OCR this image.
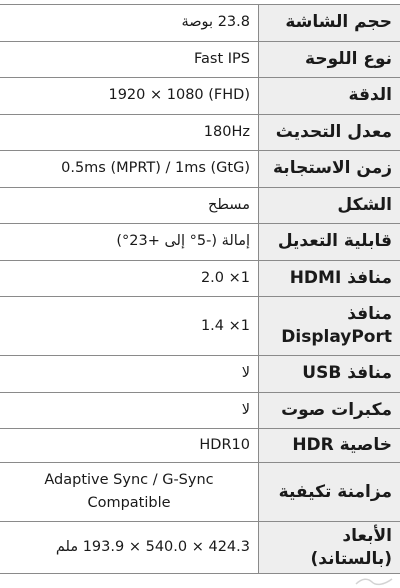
حجم الشاشة
23.8 بوصة
نوع اللوحة
Fast IPS
الدقة
1920 × 1080 (FHD)
معدل التحديث
180Hz
زمن الاستجابة
0.5ms (MPRT) / 1ms (GtG)
الشكل
مسطح
قابلية التعديل
إمالة (-5° إلى +23°)
منافذ HDMI
2.0 ×1
منافذ DisplayPort
1.4 ×1
منافذ USB
لا
مكبرات صوت
لا
خاصية HDR
HDR10
مزامنة تكيفية
Adaptive Sync / G-Sync Compatible
الأبعاد (بالستاند)
424.3 × 540.0 × 193.9 ملم
